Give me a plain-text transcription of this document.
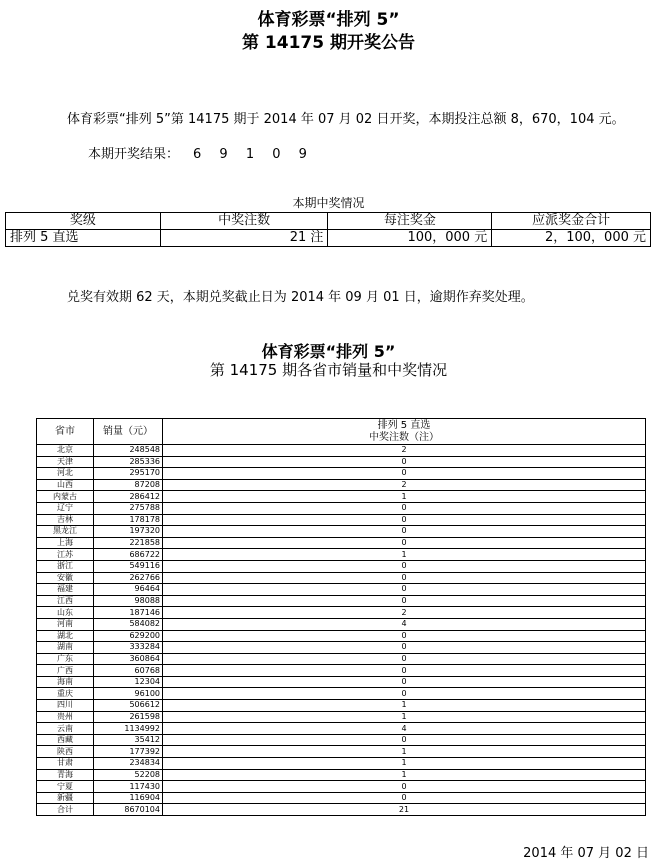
体育彩票“排列 5”
第 14175 期开奖公告
体育彩票“排列 5”第 14175 期于 2014 年 07 月 02 日开奖，本期投注总额 8，670，104 元。
本期开奖结果： 6 9 1 0 9
本期中奖情况
奖级	中奖注数	每注奖金	应派奖金合计
排列 5 直选	21 注	100，000 元	2，100，000 元
兑奖有效期 62 天，本期兑奖截止日为 2014 年 09 月 01 日，逾期作弃奖处理。
体育彩票“排列 5”
第 14175 期各省市销量和中奖情况
省市	销量（元）	排列 5 直选
中奖注数（注）

北京	248548	2
天津	285336	0
河北	295170	0
山西	87208	2
内蒙古	286412	1
辽宁	275788	0
吉林	178178	0
黑龙江	197320	0
上海	221858	0
江苏	686722	1
浙江	549116	0
安徽	262766	0
福建	96464	0
江西	98088	0
山东	187146	2
河南	584082	4
湖北	629200	0
湖南	333284	0
广东	360864	0
广西	60768	0
海南	12304	0
重庆	96100	0
四川	506612	1
贵州	261598	1
云南	1134992	4
西藏	35412	0
陕西	177392	1
甘肃	234834	1
青海	52208	1
宁夏	117430	0
新疆	116904	0
合计	8670104	21
2014 年 07 月 02 日
